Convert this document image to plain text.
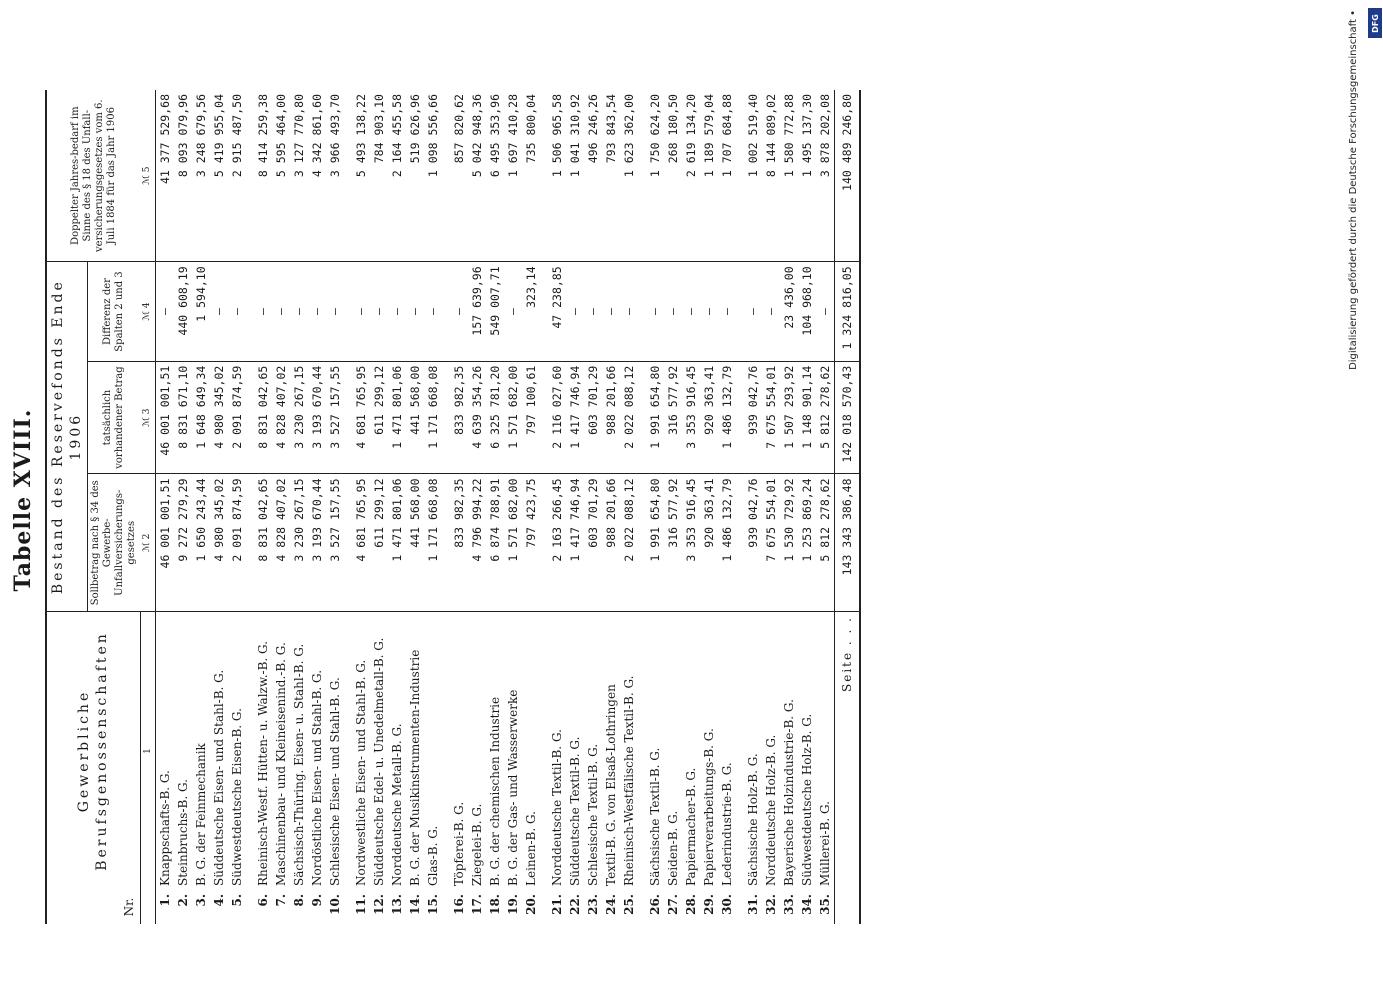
Tabelle XVIII.
Nr.	Gewerbliche Berufsgenossenschaften	Bestand des Reservefonds Ende 1906			Doppelter Jahres-bedarf im Sinne des § 18 des Unfall-versicherungsgesetzes vom 6. Juli 1884 für das Jahr 1906
		Sollbetrag nach § 34 des Gewerbe-Unfallversicherungs-gesetzes	tatsächlich vorhandener Betrag	Differenz der Spalten 2 und 3	
	1	ℳ 2	ℳ 3	ℳ 4	ℳ 5
1.	Knappschafts-B. G.	46 001 001,51	46 001 001,51	—	41 377 529,68
2.	Steinbruchs-B. G.	9 272 279,29	8 831 671,10	440 608,19	8 093 079,96
3.	B. G. der Feinmechanik	1 650 243,44	1 648 649,34	1 594,10	3 248 679,56
4.	Süddeutsche Eisen- und Stahl-B. G.	4 980 345,02	4 980 345,02	—	5 419 955,04
5.	Südwestdeutsche Eisen-B. G.	2 091 874,59	2 091 874,59	—	2 915 487,50

6.	Rheinisch-Westf. Hütten- u. Walzw.-B. G.	8 831 042,65	8 831 042,65	—	8 414 259,38
7.	Maschinenbau- und Kleineisenind.-B. G.	4 828 407,02	4 828 407,02	—	5 595 464,00
8.	Sächsisch-Thüring. Eisen- u. Stahl-B. G.	3 230 267,15	3 230 267,15	—	3 127 770,80
9.	Nordöstliche Eisen- und Stahl-B. G.	3 193 670,44	3 193 670,44	—	4 342 861,60
10.	Schlesische Eisen- und Stahl-B. G.	3 527 157,55	3 527 157,55	—	3 966 493,70

11.	Nordwestliche Eisen- und Stahl-B. G.	4 681 765,95	4 681 765,95	—	5 493 138,22
12.	Süddeutsche Edel- u. Unedelmetall-B. G.	611 299,12	611 299,12	—	784 903,10
13.	Norddeutsche Metall-B. G.	1 471 801,06	1 471 801,06	—	2 164 455,58
14.	B. G. der Musikinstrumenten-Industrie	441 568,00	441 568,00	—	519 626,96
15.	Glas-B. G.	1 171 668,08	1 171 668,08	—	1 098 556,66

16.	Töpferei-B. G.	833 982,35	833 982,35	—	857 820,62
17.	Ziegelei-B. G.	4 796 994,22	4 639 354,26	157 639,96	5 042 948,36
18.	B. G. der chemischen Industrie	6 874 788,91	6 325 781,20	549 007,71	6 495 353,96
19.	B. G. der Gas- und Wasserwerke	1 571 682,00	1 571 682,00	—	1 697 410,28
20.	Leinen-B. G.	797 423,75	797 100,61	323,14	735 800,04

21.	Norddeutsche Textil-B. G.	2 163 266,45	2 116 027,60	47 238,85	1 506 965,58
22.	Süddeutsche Textil-B. G.	1 417 746,94	1 417 746,94	—	1 041 310,92
23.	Schlesische Textil-B. G.	603 701,29	603 701,29	—	496 246,26
24.	Textil-B. G. von Elsaß-Lothringen	988 201,66	988 201,66	—	793 843,54
25.	Rheinisch-Westfälische Textil-B. G.	2 022 088,12	2 022 088,12	—	1 623 362,00

26.	Sächsische Textil-B. G.	1 991 654,80	1 991 654,80	—	1 750 624,20
27.	Seiden-B. G.	316 577,92	316 577,92	—	268 180,50
28.	Papiermacher-B. G.	3 353 916,45	3 353 916,45	—	2 619 134,20
29.	Papierverarbeitungs-B. G.	920 363,41	920 363,41	—	1 189 579,04
30.	Lederindustrie-B. G.	1 486 132,79	1 486 132,79	—	1 707 684,88

31.	Sächsische Holz-B. G.	939 042,76	939 042,76	—	1 002 519,40
32.	Norddeutsche Holz-B. G.	7 675 554,01	7 675 554,01	—	8 144 089,02
33.	Bayerische Holzindustrie-B. G.	1 530 729,92	1 507 293,92	23 436,00	1 580 772,88
34.	Südwestdeutsche Holz-B. G.	1 253 869,24	1 148 901,14	104 968,10	1 495 137,30
35.	Müllerei-B. G.	5 812 278,62	5 812 278,62	—	3 878 202,08
	Seite . . .	143 343 386,48	142 018 570,43	1 324 816,05	140 489 246,80	Digitalisierung gefördert durch die Deutsche Forschungsgemeinschaft • DFG
